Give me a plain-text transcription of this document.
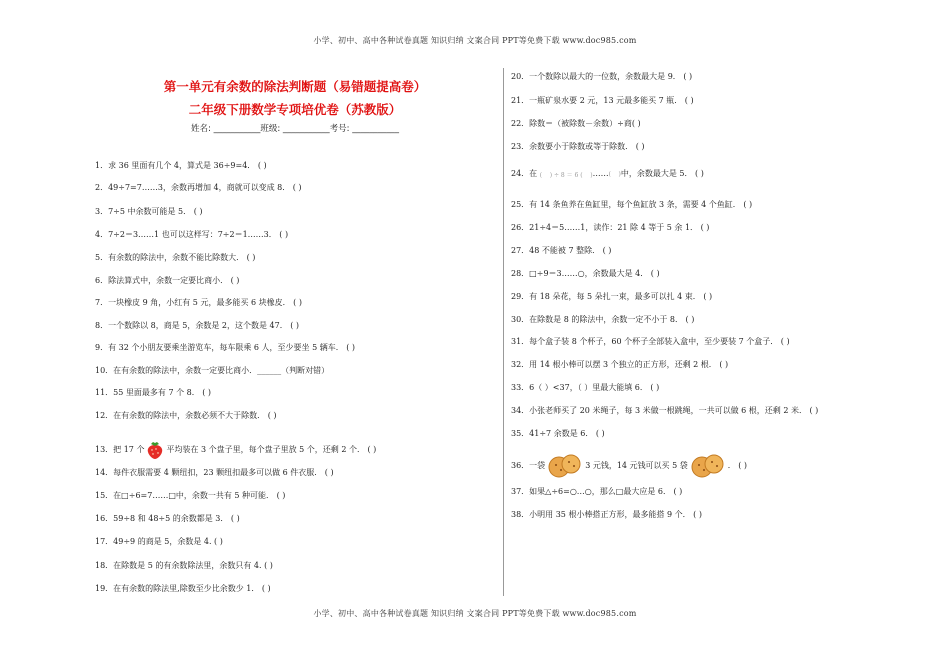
小学、初中、高中各种试卷真题 知识归纳 文案合同 PPT等免费下载 www.doc985.com
第一单元有余数的除法判断题（易错题提高卷）
二年级下册数学专项培优卷（苏教版）
姓名: ___________班级: ___________考号: ___________
1．求 36 里面有几个 4，算式是 36÷9=4． ( )
2．49÷7=7……3，余数再增加 4，商就可以变成 8． ( )
3．7÷5 中余数可能是 5． ( )
4．7÷2＝3……1 也可以这样写：7÷2＝1……3． ( )
5．有余数的除法中，余数不能比除数大． ( )
6．除法算式中，余数一定要比商小． ( )
7．一块橡皮 9 角，小红有 5 元，最多能买 6 块橡皮． ( )
8．一个数除以 8，商是 5，余数是 2，这个数是 47． ( )
9．有 32 个小朋友要乘坐游览车，每车限乘 6 人，至少要坐 5 辆车． ( )
10．在有余数的除法中，余数一定要比商小．______（判断对错）
11．55 里面最多有 7 个 8． ( )
12．在有余数的除法中，余数必须不大于除数． ( )
13．把 17 个	平均装在 3 个盘子里，每个盘子里放 5 个，还剩 2 个． ( )
14．每件衣服需要 4 颗纽扣，23 颗纽扣最多可以做 6 件衣服． ( )
15．在□÷6=7……□中，余数一共有 5 种可能． ( )
16．59÷8 和 48÷5 的余数都是 3． ( )
17．49÷9 的商是 5，余数是 4. ( )
18．在除数是 5 的有余数除法里，余数只有 4. ( )
19．在有余数的除法里,除数至少比余数少 1． ( )
20．一个数除以最大的一位数，余数最大是 9． ( )
21．一瓶矿泉水要 2 元，13 元最多能买 7 瓶． ( )
22．除数＝（被除数－余数）÷商( )
23．余数要小于除数或等于除数． ( )
24．在 (    ) ÷ 8 ＝ 6 (    )……(    )中，余数最大是 5． ( )
25．有 14 条鱼养在鱼缸里，每个鱼缸放 3 条，需要 4 个鱼缸． ( )
26．21÷4＝5……1，读作：21 除 4 等于 5 余 1． ( )
27．48 不能被 7 整除． ( )
28．□÷9＝3……○，余数最大是 4． ( )
29．有 18 朵花，每 5 朵扎一束，最多可以扎 4 束． ( )
30．在除数是 8 的除法中，余数一定不小于 8． ( )
31．每个盒子装 8 个杯子，60 个杯子全部装入盒中，至少要装 7 个盒子． ( )
32．用 14 根小棒可以摆 3 个独立的正方形，还剩 2 根． ( )
33．6（ ）<37，（ ）里最大能填 6． ( )
34．小张老师买了 20 米绳子，每 3 米做一根跳绳，一共可以做 6 根，还剩 2 米． ( )
35．41÷7 余数是 6． ( )
36．一袋	3 元钱，14 元钱可以买 5 袋	． ( )
37．如果△÷6=○…○，那么□最大应是 6． ( )
38．小明用 35 根小棒搭正方形，最多能搭 9 个． ( )
小学、初中、高中各种试卷真题 知识归纳 文案合同 PPT等免费下载 www.doc985.com
